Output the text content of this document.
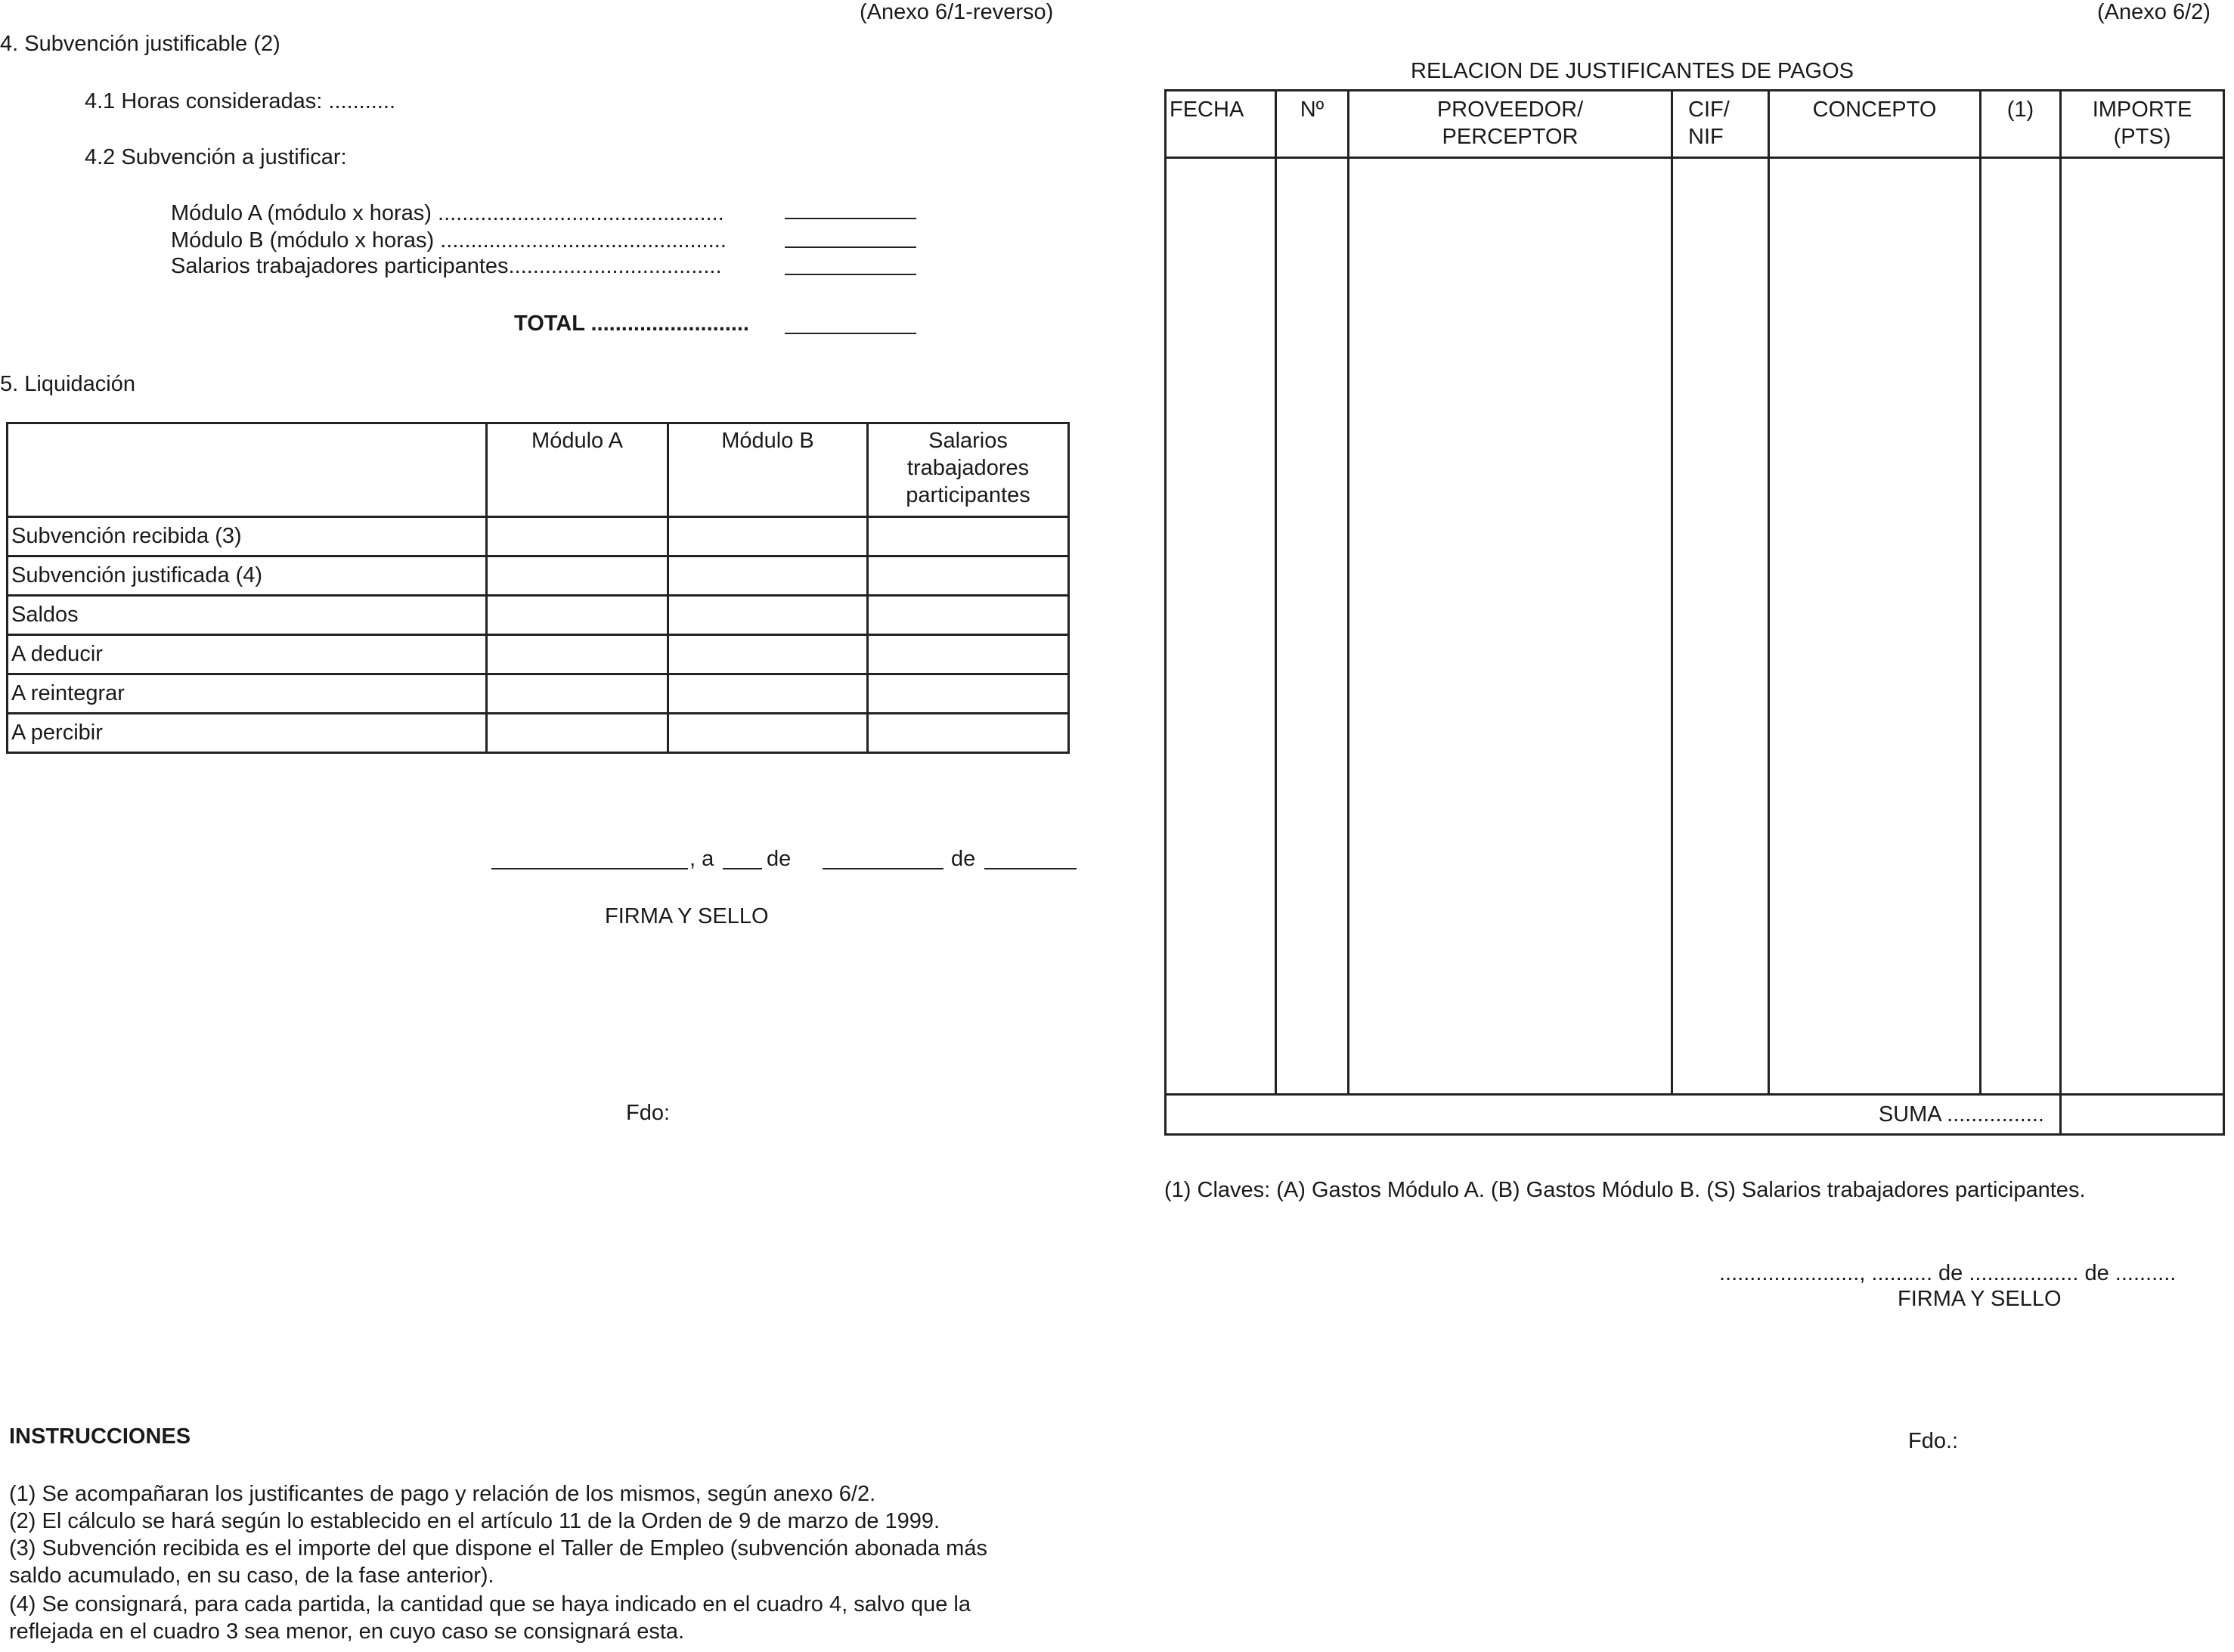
(Anexo 6/1-reverso)
4. Subvención justificable (2)
4.1 Horas consideradas: ...........
4.2 Subvención a justificar:
Módulo A (módulo x horas) ...............................................
Módulo B (módulo x horas) ...............................................
Salarios trabajadores participantes...................................
TOTAL ..........................
5. Liquidación
	Módulo A	Módulo B	Salarios trabajadores participantes
Subvención recibida (3)			
Subvención justificada (4)			
Saldos			
A deducir			
A reintegrar			
A percibir			
, a de	de
FIRMA Y SELLO
Fdo:
INSTRUCCIONES
(1) Se acompañaran los justificantes de pago y relación de los mismos, según anexo 6/2.
(2) El cálculo se hará según lo establecido en el artículo 11 de la Orden de 9 de marzo de 1999.
(3) Subvención recibida es el importe del que dispone el Taller de Empleo (subvención abonada más
saldo acumulado, en su caso, de la fase anterior).
(4) Se consignará, para cada partida, la cantidad que se haya indicado en el cuadro 4, salvo que la
reflejada en el cuadro 3 sea menor, en cuyo caso se consignará esta.
(Anexo 6/2)
RELACION DE JUSTIFICANTES DE PAGOS
FECHA	Nº	PROVEEDOR/ PERCEPTOR	CIF/ NIF	CONCEPTO	(1)	IMPORTE (PTS)

SUMA ................						
(1) Claves: (A) Gastos Módulo A. (B) Gastos Módulo B. (S) Salarios trabajadores participantes.
......................., .......... de .................. de ..........
FIRMA Y SELLO
Fdo.:
